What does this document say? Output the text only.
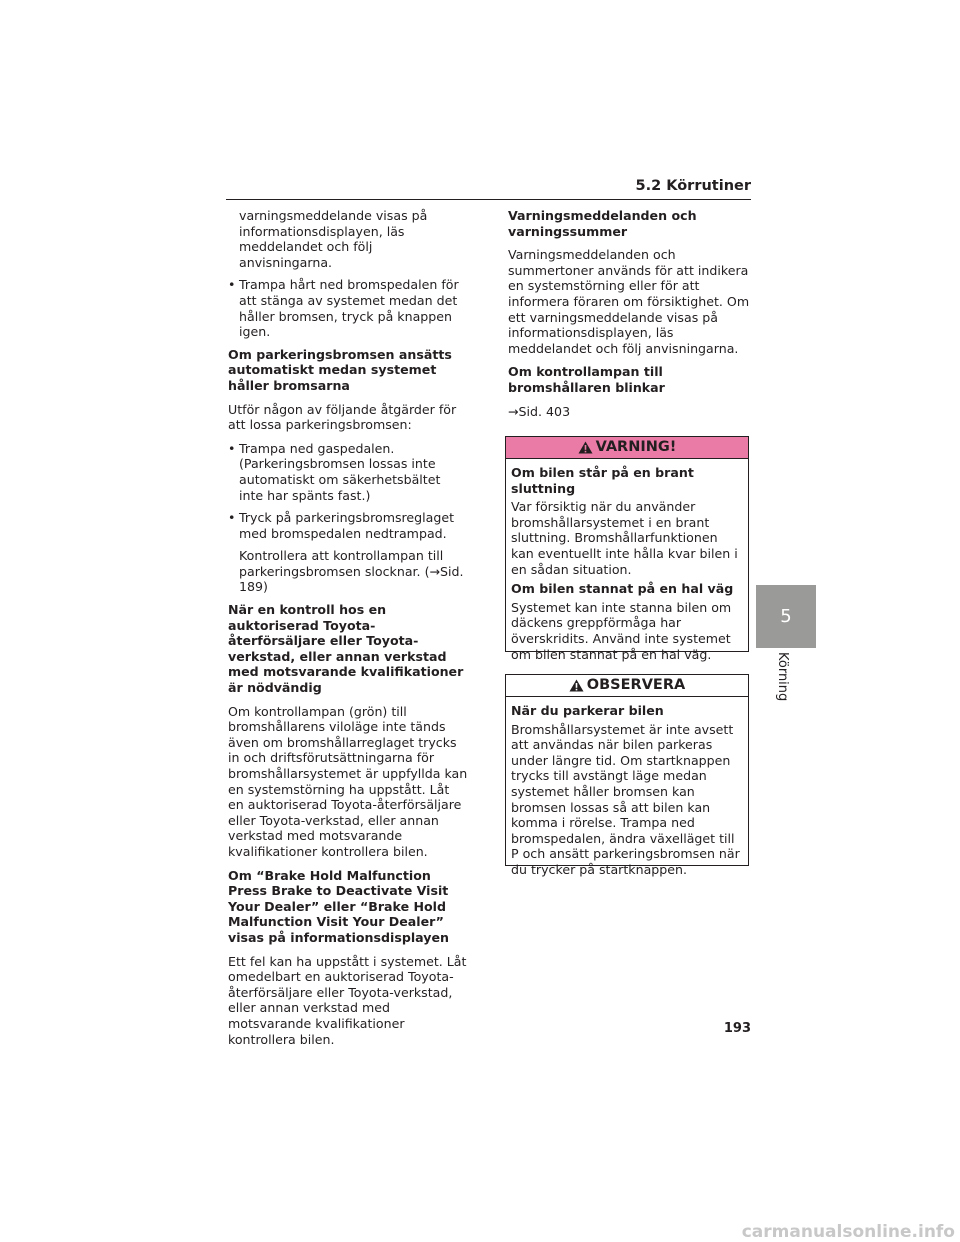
5.2 Körrutiner

varningsmeddelande visas på informationsdisplayen, läs meddelandet och följ anvisningarna.

• Trampa hårt ned bromspedalen för att stänga av systemet medan det håller bromsen, tryck på knappen igen.

Om parkeringsbromsen ansätts automatiskt medan systemet håller bromsarna

Utför någon av följande åtgärder för att lossa parkeringsbromsen:

• Trampa ned gaspedalen. (Parkeringsbromsen lossas inte automatiskt om säkerhetsbältet inte har spänts fast.)
• Tryck på parkeringsbromsreglaget med bromspedalen nedtrampad.

Kontrollera att kontrollampan till parkeringsbromsen slocknar. (→Sid. 189)

När en kontroll hos en auktoriserad Toyota-återförsäljare eller Toyota-verkstad, eller annan verkstad med motsvarande kvalifikationer är nödvändig

Om kontrollampan (grön) till bromshållarens viloläge inte tänds även om bromshållarreglaget trycks in och driftsförutsättningarna för bromshållarsystemet är uppfyllda kan en systemstörning ha uppstått. Låt en auktoriserad Toyota-återförsäljare eller Toyota-verkstad, eller annan verkstad med motsvarande kvalifikationer kontrollera bilen.

Om “Brake Hold Malfunction Press Brake to Deactivate Visit Your Dealer” eller “Brake Hold Malfunction Visit Your Dealer” visas på informationsdisplayen

Ett fel kan ha uppstått i systemet. Låt omedelbart en auktoriserad Toyota-återförsäljare eller Toyota-verkstad, eller annan verkstad med motsvarande kvalifikationer kontrollera bilen.

Varningsmeddelanden och varningssummer

Varningsmeddelanden och summertoner används för att indikera en systemstörning eller för att informera föraren om försiktighet. Om ett varningsmeddelande visas på informationsdisplayen, läs meddelandet och följ anvisningarna.

Om kontrollampan till bromshållaren blinkar

→Sid. 403

VARNING!

Om bilen står på en brant sluttning

Var försiktig när du använder bromshållarsystemet i en brant sluttning. Bromshållarfunktionen kan eventuellt inte hålla kvar bilen i en sådan situation.

Om bilen stannat på en hal väg

Systemet kan inte stanna bilen om däckens greppförmåga har överskridits. Använd inte systemet om bilen stannat på en hal väg.

OBSERVERA

När du parkerar bilen

Bromshållarsystemet är inte avsett att användas när bilen parkeras under längre tid. Om startknappen trycks till avstängt läge medan systemet håller bromsen kan bromsen lossas så att bilen kan komma i rörelse. Trampa ned bromspedalen, ändra växelläget till P och ansätt parkeringsbromsen när du trycker på startknappen.

5
Körning
193
carmanualsonline.info
